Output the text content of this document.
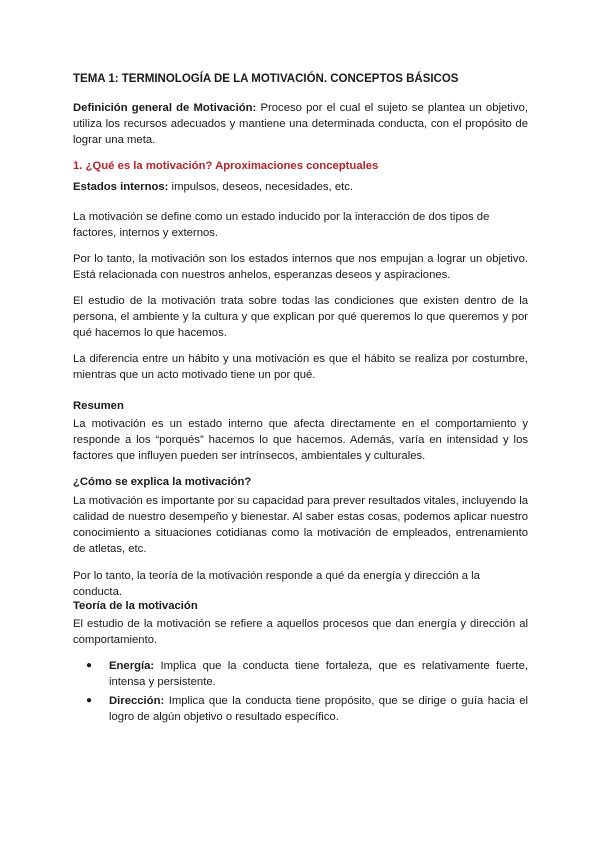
TEMA 1: TERMINOLOGÍA DE LA MOTIVACIÓN. CONCEPTOS BÁSICOS

Definición general de Motivación: Proceso por el cual el sujeto se plantea un objetivo, utiliza los recursos adecuados y mantiene una determinada conducta, con el propósito de lograr una meta.

1. ¿Qué es la motivación? Aproximaciones conceptuales

Estados internos: impulsos, deseos, necesidades, etc.

La motivación se define como un estado inducido por la interacción de dos tipos de factores, internos y externos.

Por lo tanto, la motivación son los estados internos que nos empujan a lograr un objetivo. Está relacionada con nuestros anhelos, esperanzas deseos y aspiraciones.

El estudio de la motivación trata sobre todas las condiciones que existen dentro de la persona, el ambiente y la cultura y que explican por qué queremos lo que queremos y por qué hacemos lo que hacemos.

La diferencia entre un hábito y una motivación es que el hábito se realiza por costumbre, mientras que un acto motivado tiene un por qué.

Resumen

La motivación es un estado interno que afecta directamente en el comportamiento y responde a los “porqués” hacemos lo que hacemos. Además, varía en intensidad y los factores que influyen pueden ser intrínsecos, ambientales y culturales.

¿Cómo se explica la motivación?

La motivación es importante por su capacidad para prever resultados vitales, incluyendo la calidad de nuestro desempeño y bienestar. Al saber estas cosas, podemos aplicar nuestro conocimiento a situaciones cotidianas como la motivación de empleados, entrenamiento de atletas, etc.

Por lo tanto, la teoría de la motivación responde a qué da energía y dirección a la conducta.

Teoría de la motivación

El estudio de la motivación se refiere a aquellos procesos que dan energía y dirección al comportamiento.

● Energía: Implica que la conducta tiene fortaleza, que es relativamente fuerte, intensa y persistente.
● Dirección: Implica que la conducta tiene propósito, que se dirige o guía hacia el logro de algún objetivo o resultado específico.
